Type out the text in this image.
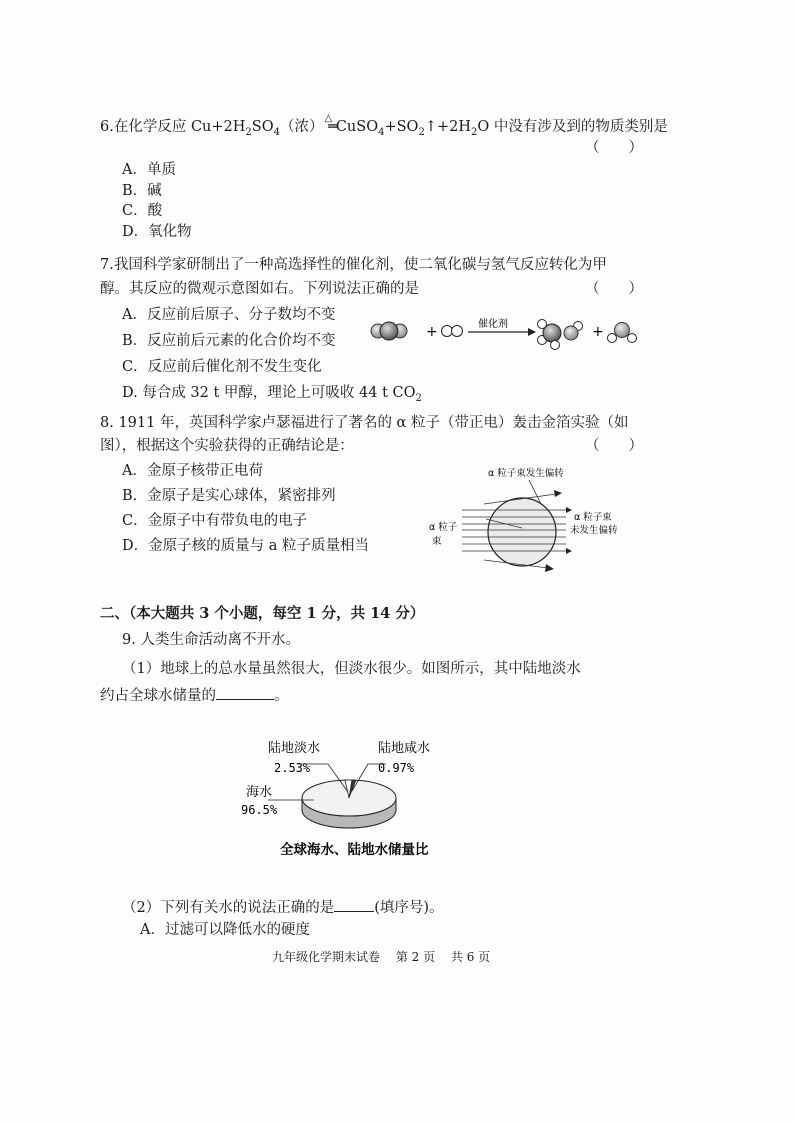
6.在化学反应 $Cu+2H_2SO_4$（浓）
△
$═CuSO_4+SO_2↑+2H_2O$ 中没有涉及到的物质类别是
（　　）
A．单质
B．碱
C．酸
D．氧化物
7.我国科学家研制出了一种高选择性的催化剂，使二氧化碳与氢气反应转化为甲
醇。其反应的微观示意图如右。下列说法正确的是	（　　）
A．反应前后原子、分子数均不变
B．反应前后元素的化合价均不变
C．反应前后催化剂不发生变化
D. 每合成 32 t 甲醇，理论上可吸收 44 t $CO_2$
+	催化剂	+
8. 1911 年，英国科学家卢瑟福进行了著名的 α 粒子（带正电）轰击金箔实验（如
图），根据这个实验获得的正确结论是：	（　　）
A．金原子核带正电荷
B．金原子是实心球体，紧密排列
C．金原子中有带负电的电子
D．金原子核的质量与 a 粒子质量相当
α 粒子束发生偏转
α 粒子束
未发生偏转
α 粒子
束
二、（本大题共 3 个小题，每空 1 分，共 14 分）
9. 人类生命活动离不开水。
（1）地球上的总水量虽然很大，但淡水很少。如图所示，其中陆地淡水
约占全球水储量的	。
陆地淡水
2.53%
陆地咸水
0.97%
海水
96.5%
全球海水、陆地水储量比
（2）下列有关水的说法正确的是	(填序号)。
A．过滤可以降低水的硬度
九年级化学期末试卷　 第 2 页　 共 6 页
